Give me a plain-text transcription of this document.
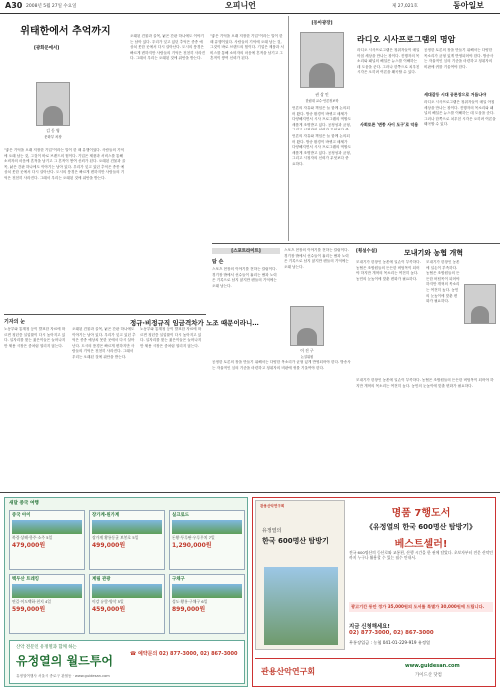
A30 2008년 5월 27일 수요일	오피니언	제 27,021호	동아일보
위태한에서 추억까지
[광화문에서]
김 동 영
문화부 차장
"좋은 기억을 오래 저장한 기업"이라는 말이 한 때 유행이었다. 사람들의 기억에 오래 남는 것, 그것이 바로 브랜드의 힘이다. 기업은 제품과 서비스를 통해 소비자의 마음에 흔적을 남기고 그 흔적이 쌓여 신뢰가 된다. 오래된 건물과 골목, 낡은 간판 하나에도 이야기는 남아 있다. 우리가 잊고 있던 추억은 종종 예상치 못한 곳에서 다시 살아난다. 도시의 풍경은 빠르게 변하지만 사람들의 기억은 천천히 사라진다. 그래서 우리는 오래된 것에 위안을 받는다.
오래된 건물과 골목, 낡은 간판 하나에도 이야기는 남아 있다. 우리가 잊고 있던 추억은 종종 예상치 못한 곳에서 다시 살아난다. 도시의 풍경은 빠르게 변하지만 사람들의 기억은 천천히 사라진다. 그래서 우리는 오래된 것에 위안을 받는다.
"좋은 기억을 오래 저장한 기업"이라는 말이 한 때 유행이었다. 사람들의 기억에 오래 남는 것, 그것이 바로 브랜드의 힘이다. 기업은 제품과 서비스를 통해 소비자의 마음에 흔적을 남기고 그 흔적이 쌓여 신뢰가 된다.
[동아광장]
권 상 인
한림대 교수·언론정보학
언론의 자유와 책임은 늘 함께 논의되어 왔다. 방송 환경이 바뀌고 매체가 다양해지면서 시사 프로그램의 역할도 새롭게 조명받고 있다. 공정성과 균형,
라디오 시사프로그램의 명암
라디오 시사프로그램은 청취자들이 매일 아침 세상을 만나는 창이다. 진행자의 목소리와 패널의 해설은 뉴스를 이해하는 데 도움을 준다. 그러나 한쪽으로 치우친 시각은 오히려 여론을 왜곡할 수 있다.
공정한 토론의 장을 만들기 위해서는 다양한 목소리가 균형 있게 반영되어야 한다. 방송사는 자율적인 심의 기준을 마련하고 청취자의 비판에 귀를 기울여야 한다.
세대갈등 시대 공론장으로 거듭나야
라디오 시사프로그램은 청취자들이 매일 아침 세상을 만나는 창이다. 진행자의 목소리와 패널의 해설은 뉴스를 이해하는 데 도움을 준다. 그러나 한쪽으로 치우친 시각은 오히려 여론을 왜곡할 수 있다.
언론의 자유와 책임은 늘 함께 논의되어 왔다. 방송 환경이 바뀌고 매체가 다양해지면서 시사 프로그램의 역할도 새롭게 조명받고 있다. 공정성과 균형, 그리고 시청자의 신뢰가 무엇보다 중요하다.
사회토론 '변종 사이 도구'로 악용
[스포트라이트]
탐 손
스포츠 현장의 이야기를 전하는 칼럼이다. 경기장 밖에서 선수들이 흘리는 땀과 노력은 기록으로 남지 않지만 팬들의 기억에는 오래 남는다.
스포츠 현장의 이야기를 전하는 칼럼이다. 경기장 밖에서 선수들이 흘리는 땀과 노력은 기록으로 남지 않지만 팬들의 기억에는 오래 남는다.
[횡설수설]	모내기와 농협 개혁
모내기가 한창인 농촌에 일손이 부족하다. 농협은 조합원들의 든든한 버팀목이 되어야 하지만 개혁의 목소리는 여전히 높다. 농민의 눈높이에 맞춘 변화가 필요하다.
모내기가 한창인 농촌에 일손이 부족하다. 농협은 조합원들의 든든한 버팀목이 되어야 하지만 개혁의 목소리는 여전히 높다. 농민의 눈높이에 맞춘 변화가 필요하다.
이 진 구
논설위원
기자의 눈
노동부와 통계청 등이 발표한 자료에 따르면 청년층 실업률이 다시 높아지고 있다. 일자리를 찾는 젊은이들은 늘어나지만 채용 시장은 좀처럼 열리지 않는다.
오래된 건물과 골목, 낡은 간판 하나에도 이야기는 남아 있다. 우리가 잊고 있던 추억은 종종 예상치 못한 곳에서 다시 살아난다. 도시의 풍경은 빠르게 변하지만 사람들의 기억은 천천히 사라진다. 그래서 우리는 오래된 것에 위안을 받는다.
노동부와 통계청 등이 발표한 자료에 따르면 청년층 실업률이 다시 높아지고 있다. 일자리를 찾는 젊은이들은 늘어나지만 채용 시장은 좀처럼 열리지 않는다.
정규·비정규직 임금격차가 노조 때문이라니…
공정한 토론의 장을 만들기 위해서는 다양한 목소리가 균형 있게 반영되어야 한다. 방송사는 자율적인 심의 기준을 마련하고 청취자의 비판에 귀를 기울여야 한다.
모내기가 한창인 농촌에 일손이 부족하다. 농협은 조합원들의 든든한 버팀목이 되어야 하지만 개혁의 목소리는 여전히 높다. 농민의 눈높이에 맞춘 변화가 필요하다.
새달 중국 여행
중국 아이
북경·상해·항주·소주 5일
479,000원
장가계·원가계
장가계 황룡동굴 보봉호 5일
499,000원
실크로드
돈황·투루판·우루무치 7일
1,290,000원
백두산 트레킹
연길·이도백하·천지 4일
599,000원
계림 관광
이강 유람·양삭 5일
459,000원
구채구
성도·황룡·구채구 6일
899,000원
산악 전문인 유정열과 함께 하는
유정열의 월드투어	☎ 예약문의 02) 877-3000, 02) 867-3000
유정열여행사 서울시 종로구 관철동 · www.guidesan.com
관용산악연구회
유정열의
한국 600명산 탐방기
명품 7행도서
《유정열의 한국 600명산 탐방기》
베스트셀러!
전국 600명산의 등산로와 교통편, 산행 시간을 한 권에 담았다. 초보자부터 전문 산악인까지 누구나 활용할 수 있는 필수 안내서.
광고기간 동안 정가 35,000원의 도서를 특별가 30,000원에 드립니다.
지금 신청해세요!
02) 877-3000, 02) 867-3000
무통장입금 : 농협 041-01-229-919 유정열
관용산악연구회
www.guidesan.com
가이드산 닷컴
